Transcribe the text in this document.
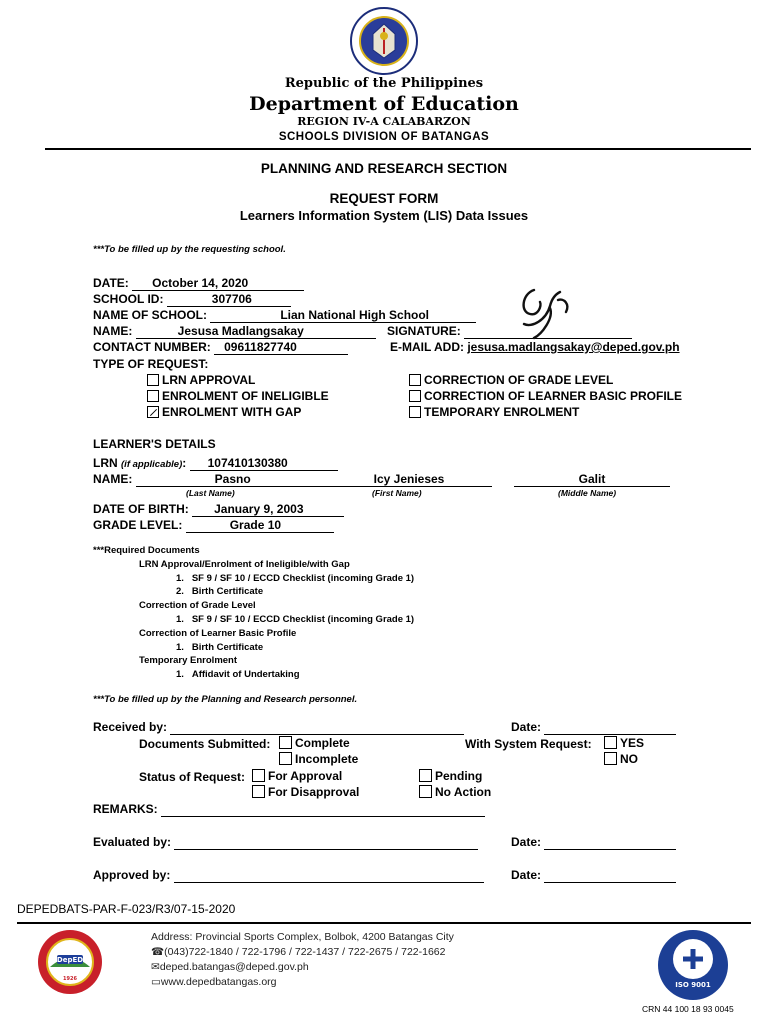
Republic of the Philippines
Department of Education
REGION IV-A CALABARZON
SCHOOLS DIVISION OF BATANGAS
PLANNING AND RESEARCH SECTION
REQUEST FORM
Learners Information System (LIS) Data Issues
***To be filled up by the requesting school.
DATE: October 14, 2020
SCHOOL ID:	307706
NAME OF SCHOOL:	Lian National High School
NAME:	Jesusa Madlangsakay	SIGNATURE:
CONTACT NUMBER: 09611827740	E-MAIL ADD: jesusa.madlangsakay@deped.gov.ph
TYPE OF REQUEST:
LRN APPROVAL
ENROLMENT OF INELIGIBLE
ENROLMENT WITH GAP
CORRECTION OF GRADE LEVEL
CORRECTION OF LEARNER BASIC PROFILE
TEMPORARY ENROLMENT
LEARNER'S DETAILS
LRN (if applicable): 107410130380
NAME:	Pasno	Icy Jenieses	Galit
(Last Name)	(First Name)	(Middle Name)
DATE OF BIRTH: January 9, 2003
GRADE LEVEL:	Grade 10
***Required Documents
LRN Approval/Enrolment of Ineligible/with Gap
1.   SF 9 / SF 10 / ECCD Checklist (incoming Grade 1)
2.   Birth Certificate
Correction of Grade Level
1.   SF 9 / SF 10 / ECCD Checklist (incoming Grade 1)
Correction of Learner Basic Profile
1.   Birth Certificate
Temporary Enrolment
1.   Affidavit of Undertaking
***To be filled up by the Planning and Research personnel.
Received by:	Date:
Documents Submitted:	Complete
Incomplete
With System Request:	YES
NO
Status of Request:	For Approval
For Disapproval
Pending
No Action
REMARKS:
Evaluated by:	Date:
Approved by:	Date:
DEPEDBATS-PAR-F-023/R3/07-15-2020
DepED
1926
Address: Provincial Sports Complex, Bolbok, 4200 Batangas City
☎(043)722-1840 / 722-1796 / 722-1437 / 722-2675 / 722-1662
✉deped.batangas@deped.gov.ph
▭www.depedbatangas.org	ISO 9001
CRN 44 100 18 93 0045
